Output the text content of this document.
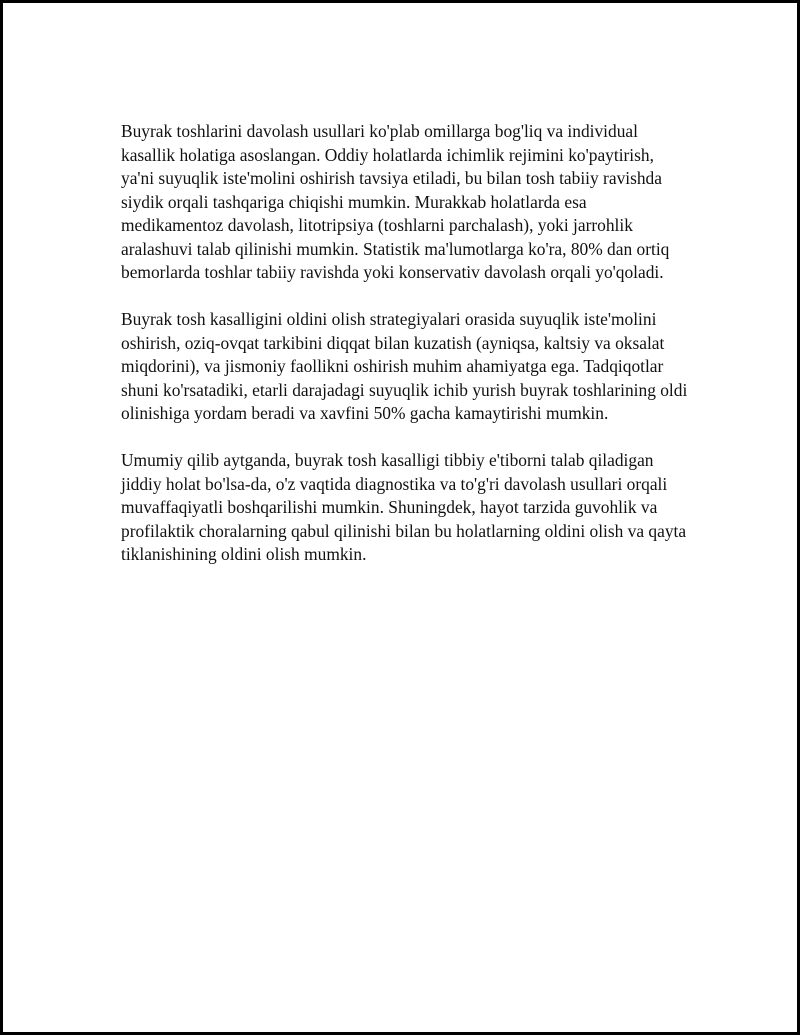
Buyrak toshlarini davolash usullari ko'plab omillarga bog'liq va individual kasallik holatiga asoslangan. Oddiy holatlarda ichimlik rejimini ko'paytirish, ya'ni suyuqlik iste'molini oshirish tavsiya etiladi, bu bilan tosh tabiiy ravishda siydik orqali tashqariga chiqishi mumkin. Murakkab holatlarda esa medikamentoz davolash, litotripsiya (toshlarni parchalash), yoki jarrohlik aralashuvi talab qilinishi mumkin. Statistik ma'lumotlarga ko'ra, 80% dan ortiq bemorlarda toshlar tabiiy ravishda yoki konservativ davolash orqali yo'qoladi.

Buyrak tosh kasalligini oldini olish strategiyalari orasida suyuqlik iste'molini oshirish, oziq-ovqat tarkibini diqqat bilan kuzatish (ayniqsa, kaltsiy va oksalat miqdorini), va jismoniy faollikni oshirish muhim ahamiyatga ega. Tadqiqotlar shuni ko'rsatadiki, etarli darajadagi suyuqlik ichib yurish buyrak toshlarining oldi olinishiga yordam beradi va xavfini 50% gacha kamaytirishi mumkin.

Umumiy qilib aytganda, buyrak tosh kasalligi tibbiy e'tiborni talab qiladigan jiddiy holat bo'lsa-da, o'z vaqtida diagnostika va to'g'ri davolash usullari orqali muvaffaqiyatli boshqarilishi mumkin. Shuningdek, hayot tarzida guvohlik va profilaktik choralarning qabul qilinishi bilan bu holatlarning oldini olish va qayta tiklanishining oldini olish mumkin.
